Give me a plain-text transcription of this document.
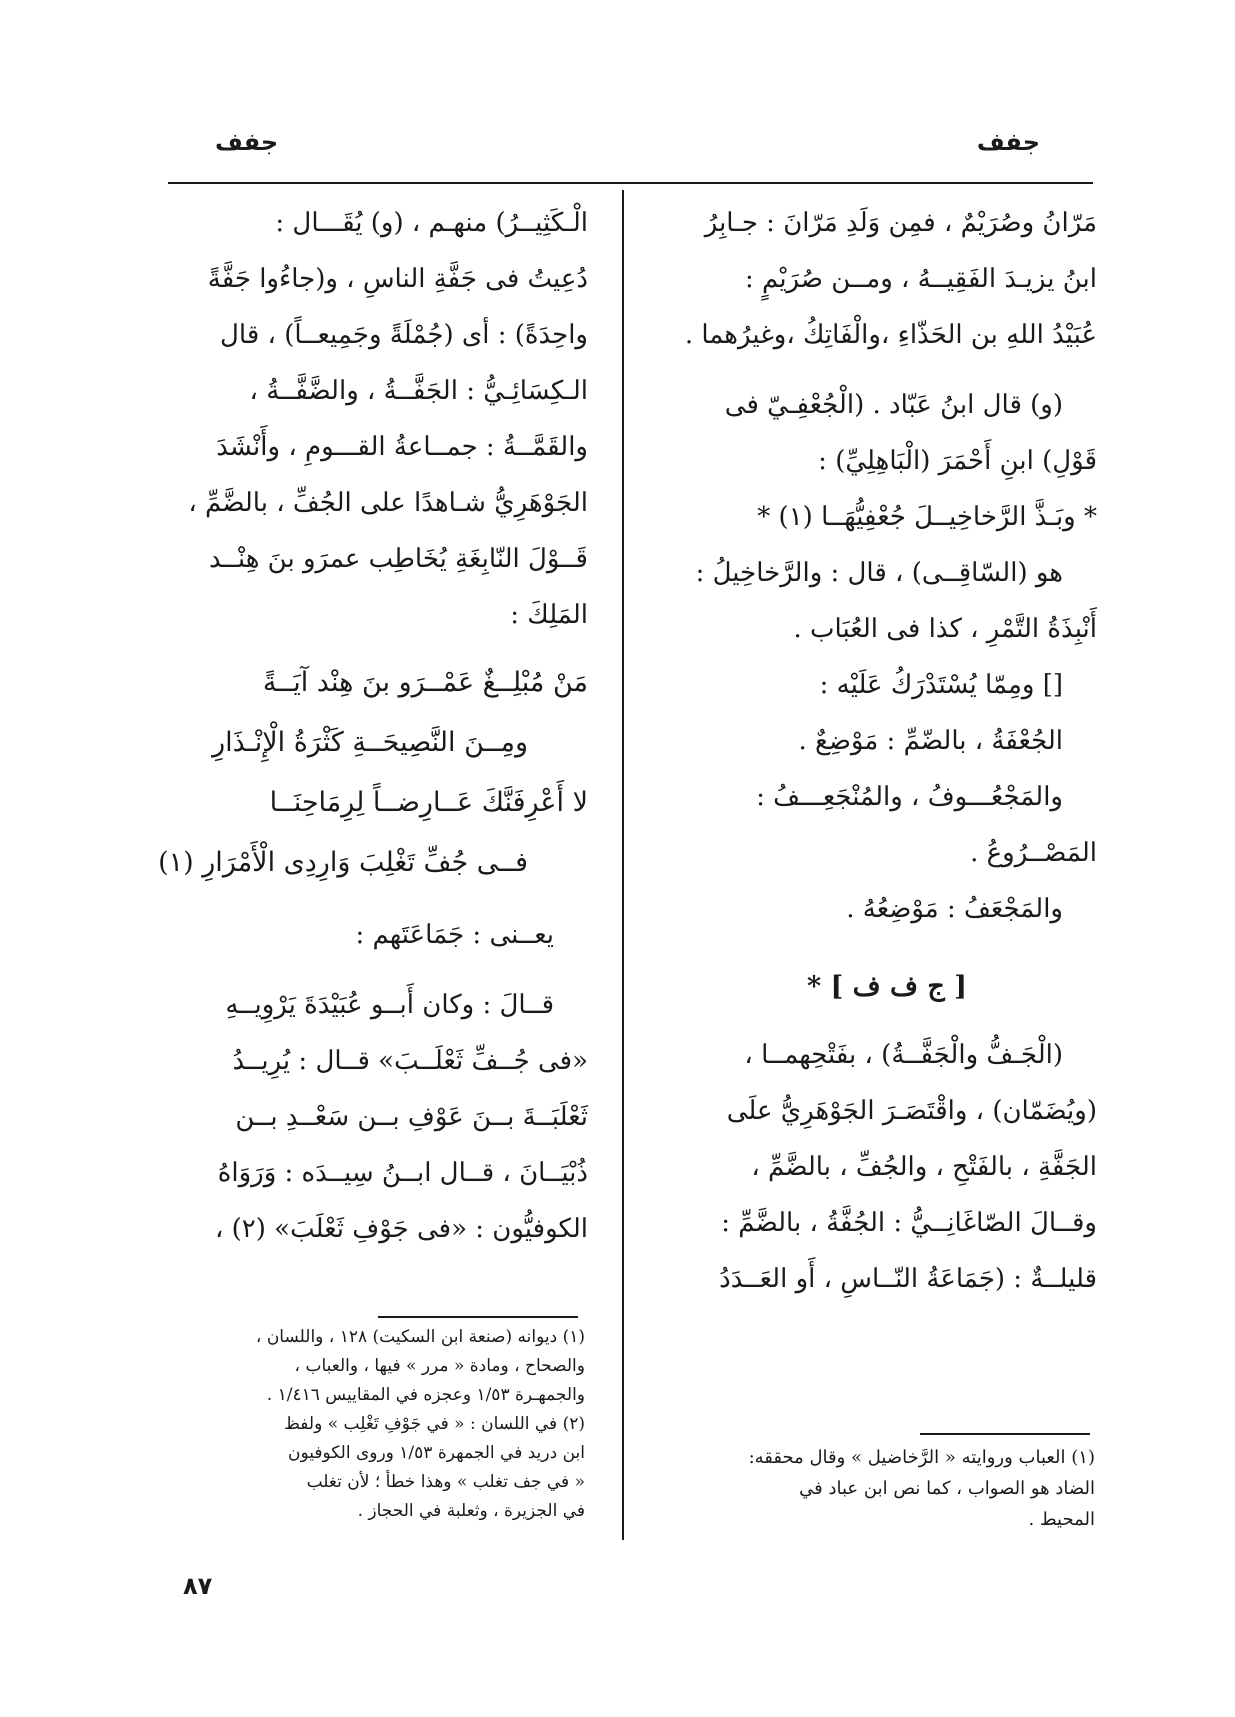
جفف
جفف
مَرّانُ وصُرَيْمٌ ، فمِن وَلَدِ مَرّانَ : جـابِرُ
ابنُ يزيـدَ الفَقِيــهُ ، ومــن صُرَيْمٍ :
عُبَيْدُ اللهِ بن الحَذّاءِ ،والْفَاتِكُ ،وغيرُهما .
(و) قال ابنُ عَبّاد . (الْجُعْفِـيّ فى
قَوْلِ) ابنِ أَحْمَرَ (الْبَاهِلِيِّ) :
* وبَـذَّ الرَّخاخِيــلَ جُعْفِيُّهَــا (١) *
هو (السّاقِــى) ، قال : والرَّخاخِيلُ :
أَنْبِذَةُ التَّمْرِ ، كذا فى العُبَاب .
[] ومِمّا يُسْتَدْرَكُ عَلَيْه :
الجُعْفَةُ ، بالضّمِّ : مَوْضِعٌ .
والمَجْعُـــوفُ ، والمُنْجَعِـــفُ :
المَصْــرُوعُ .
والمَجْعَفُ : مَوْضِعُهُ .
[ ج ف ف ] *
(الْجَـفُّ والْجَفَّــةُ) ، بفَتْحِهمــا ،
(ويُضَمّان) ، واقْتَصَـرَ الجَوْهَرِيُّ علَى
الجَفَّةِ ، بالفَتْحِ ، والجُفِّ ، بالضَّمِّ ،
وقــالَ الصّاغَانِــيُّ : الجُفَّةُ ، بالضَّمِّ :
قليلــةٌ : (جَمَاعَةُ النّــاسِ ، أَو العَــدَدُ
الْـكَثِيــرُ) منهـم ، (و) يُقَـــال :
دُعِيتُ فى جَفَّةِ الناسِ ، و(جاءُوا جَفَّةً
واحِدَةً) : أى (جُمْلَةً وجَمِيعــاً) ، قال
الـكِسَائِـيُّ : الجَفَّــةُ ، والضَّفَّــةُ ،
والقَمَّــةُ : جمــاعةُ القـــومِ ، وأَنْشَدَ
الجَوْهَرِيُّ شـاهدًا على الجُفِّ ، بالضَّمِّ ،
قَــوْلَ النّابِغَةِ يُخَاطِب عمرَو بنَ هِنْــد
المَلِكَ :
مَنْ مُبْلِــغٌ عَمْــرَو بنَ هِنْد آيَــةً
ومِــنَ النَّصِيحَــةِ كَثْرَةُ الْإِنْـذَارِ
لا أَعْرِفَنَّكَ عَــارِضــاً لِرِمَاحِنَــا
فــى جُفِّ تَغْلِبَ وَارِدِى الْأَمْرَارِ (١)
يعــنى : جَمَاعَتَهم :
قــالَ : وكان أَبــو عُبَيْدَةَ يَرْوِيــهِ
«فى جُــفِّ ثَعْلَــبَ» قــال : يُرِيــدُ
ثَعْلَبَــةَ بــنَ عَوْفِ بــن سَعْــدِ بــن
ذُبْيَــانَ ، قــال ابــنُ سِيــدَه : وَرَوَاهُ
الكوفيُّون : «فى جَوْفِ ثَعْلَبَ» (٢) ،
(١) ديوانه (صنعة ابن السكيت) ١٢٨ ، واللسان ،
والصحاح ، ومادة « مرر » فيها ، والعباب ،
والجمهـرة ١/٥٣ وعجزه في المقاييس ١/٤١٦ .
(٢) في اللسان : « في جَوْفِ تَغْلِب » ولفظ
ابن دريد في الجمهرة ١/٥٣ وروى الكوفيون
« في جف تغلب » وهذا خطأ ؛ لأن تغلب
في الجزيرة ، وثعلبة في الحجاز .
(١) العباب وروايته « الرَّخاضيل » وقال محققه:
الضاد هو الصواب ، كما نص ابن عباد في
المحيط .
٨٧
